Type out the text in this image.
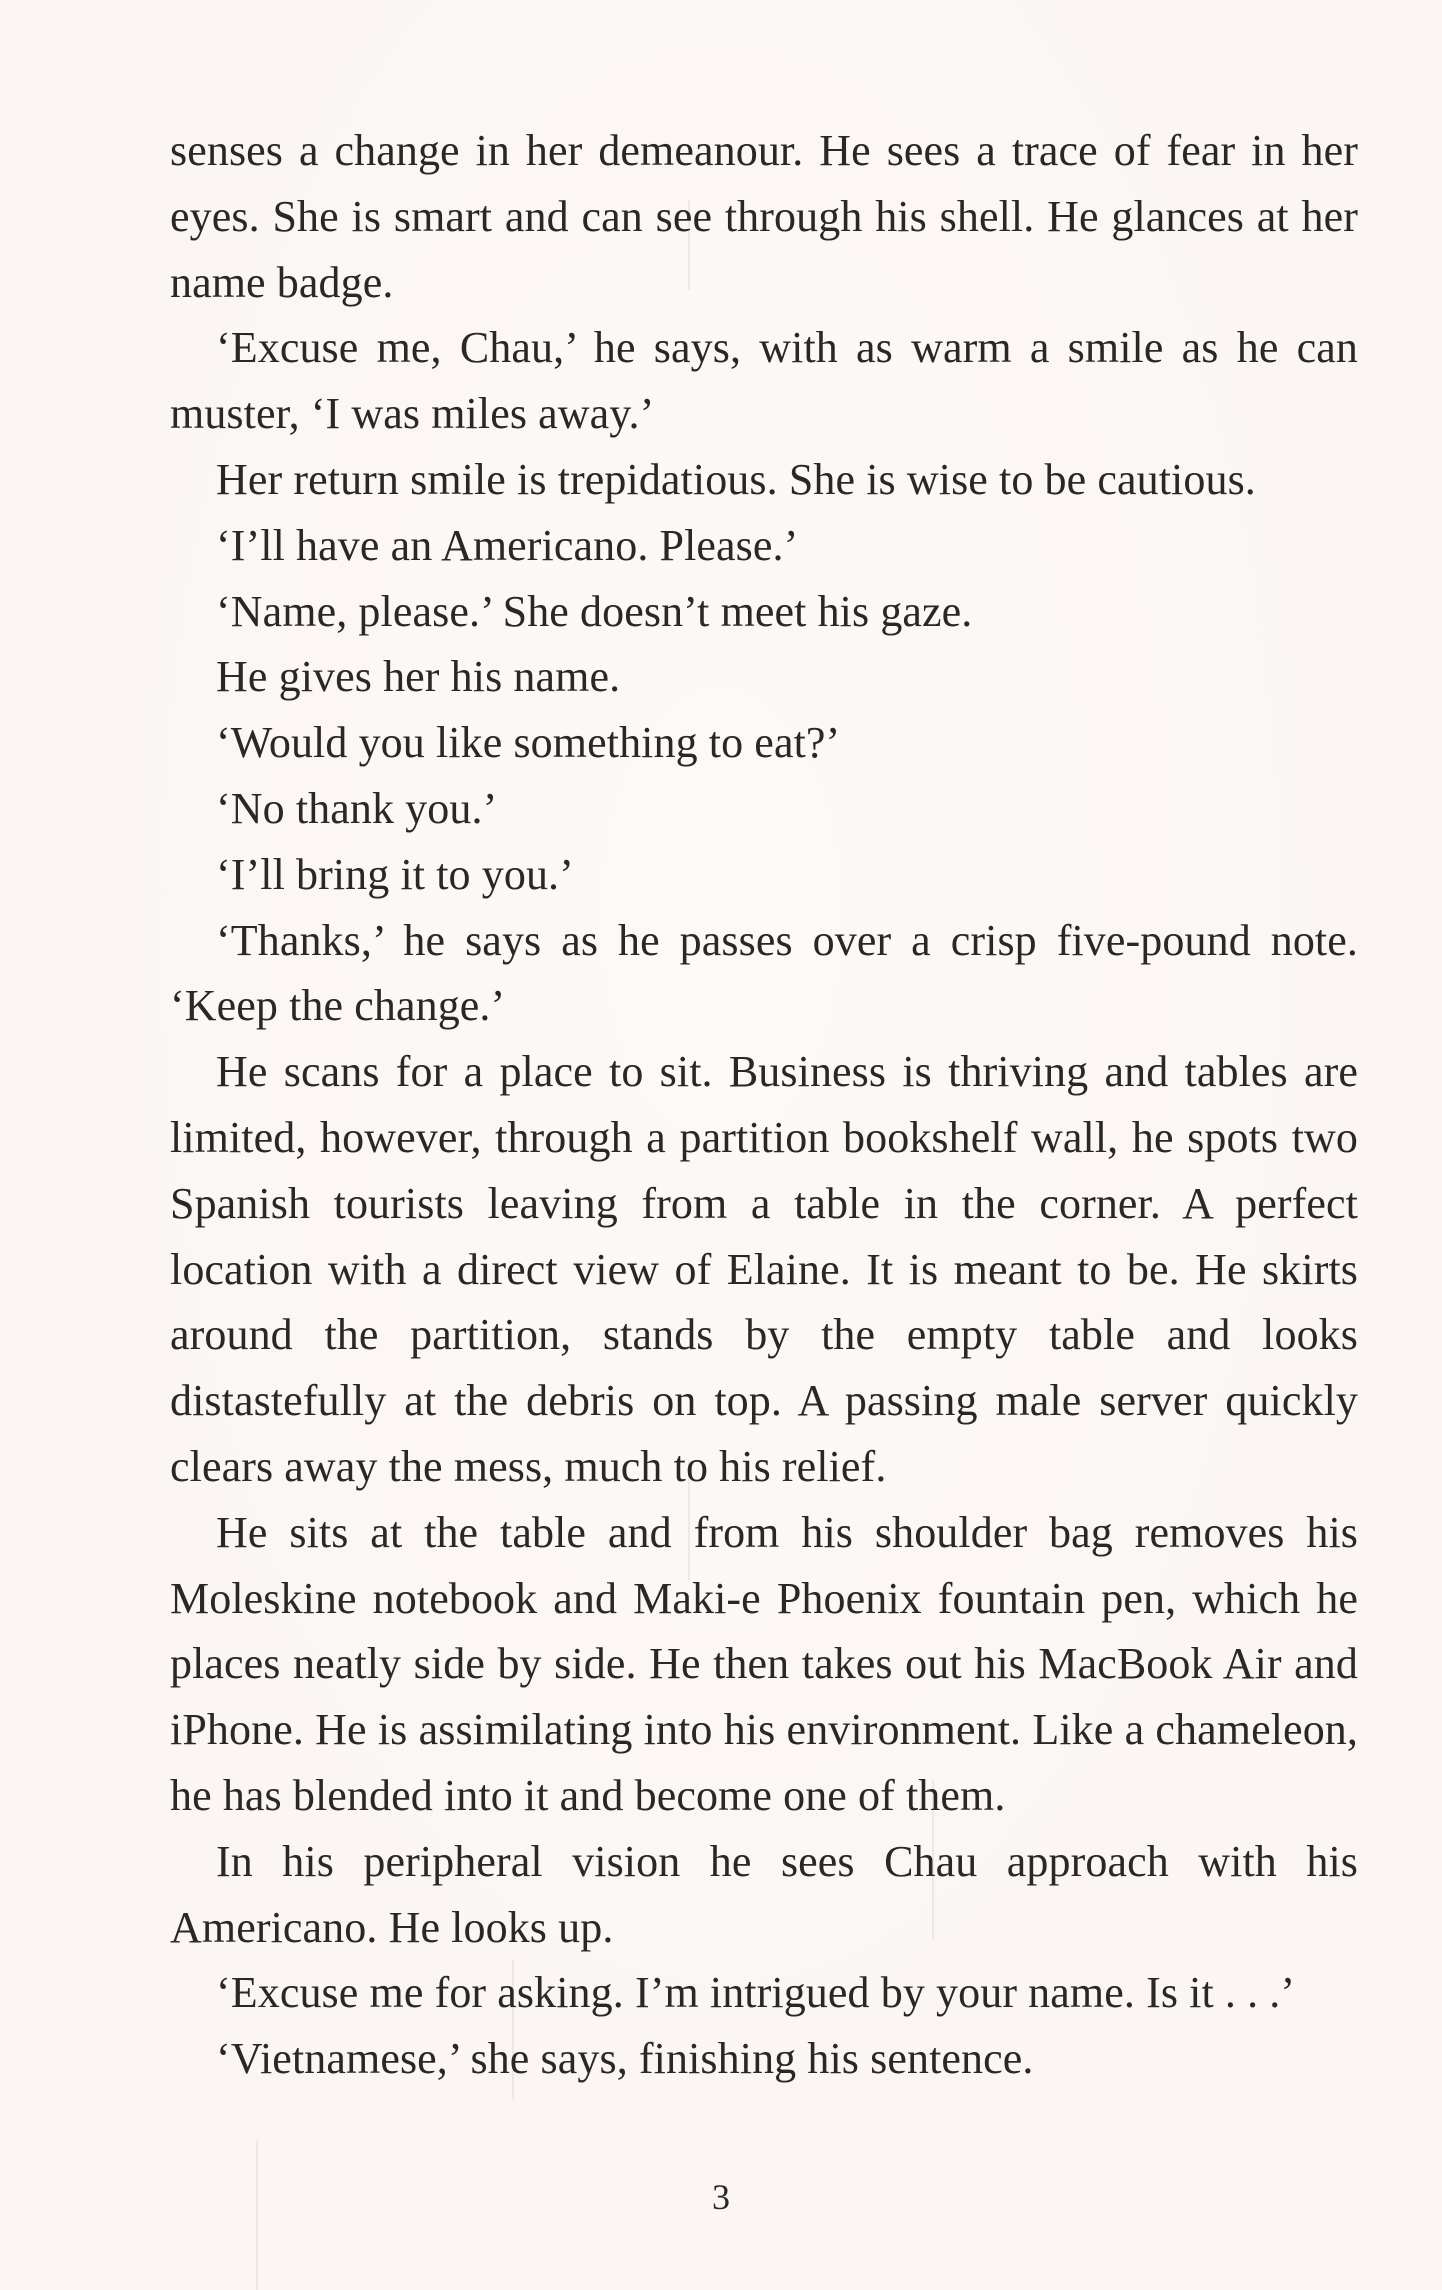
senses a change in her demeanour. He sees a trace of fear in her eyes. She is smart and can see through his shell. He glances at her name badge.

‘Excuse me, Chau,’ he says, with as warm a smile as he can muster, ‘I was miles away.’

Her return smile is trepidatious. She is wise to be cautious.

‘I’ll have an Americano. Please.’

‘Name, please.’ She doesn’t meet his gaze.

He gives her his name.

‘Would you like something to eat?’

‘No thank you.’

‘I’ll bring it to you.’

‘Thanks,’ he says as he passes over a crisp five-pound note. ‘Keep the change.’

He scans for a place to sit. Business is thriving and tables are limited, however, through a partition bookshelf wall, he spots two Spanish tourists leaving from a table in the corner. A perfect location with a direct view of Elaine. It is meant to be. He skirts around the partition, stands by the empty table and looks distastefully at the debris on top. A passing male server quickly clears away the mess, much to his relief.

He sits at the table and from his shoulder bag removes his Moleskine notebook and Maki-e Phoenix fountain pen, which he places neatly side by side. He then takes out his MacBook Air and iPhone. He is assimilating into his environment. Like a chameleon, he has blended into it and become one of them.

In his peripheral vision he sees Chau approach with his Americano. He looks up.

‘Excuse me for asking. I’m intrigued by your name. Is it . . .’

‘Vietnamese,’ she says, finishing his sentence.

3
